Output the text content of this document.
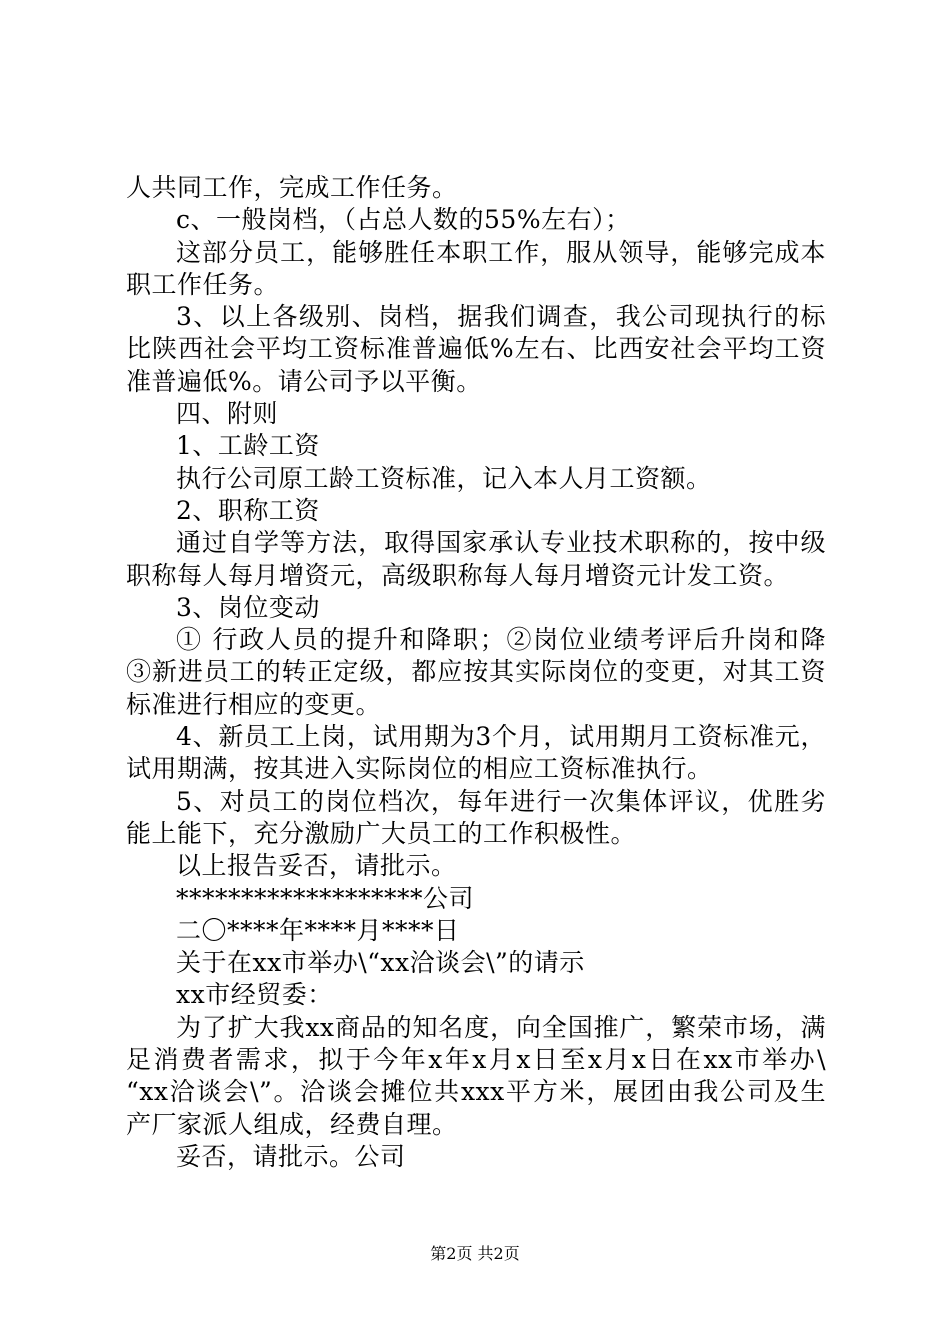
人共同工作，完成工作任务。
c、一般岗档，（占总人数的55%左右）；
这部分员工，能够胜任本职工作，服从领导，能够完成本
职工作任务。
3、以上各级别、岗档，据我们调查，我公司现执行的标
比陕西社会平均工资标准普遍低%左右、比西安社会平均工资
准普遍低%。请公司予以平衡。
四、附则
1、工龄工资
执行公司原工龄工资标准，记入本人月工资额。
2、职称工资
通过自学等方法，取得国家承认专业技术职称的，按中级
职称每人每月增资元，高级职称每人每月增资元计发工资。
3、岗位变动
① 行政人员的提升和降职；②岗位业绩考评后升岗和降
③新进员工的转正定级，都应按其实际岗位的变更，对其工资
标准进行相应的变更。
4、新员工上岗，试用期为3个月，试用期月工资标准元，
试用期满，按其进入实际岗位的相应工资标准执行。
5、对员工的岗位档次，每年进行一次集体评议，优胜劣
能上能下，充分激励广大员工的工作积极性。
以上报告妥否，请批示。
*******************公司
二〇****年****月****日
关于在xx市举办\“xx洽谈会\”的请示
xx市经贸委：
为了扩大我xx商品的知名度，向全国推广，繁荣市场，满
足消费者需求，拟于今年x年x月x日至x月x日在xx市举办\
“xx洽谈会\”。洽谈会摊位共xxx平方米，展团由我公司及生
产厂家派人组成，经费自理。
妥否，请批示。公司
第2页 共2页
